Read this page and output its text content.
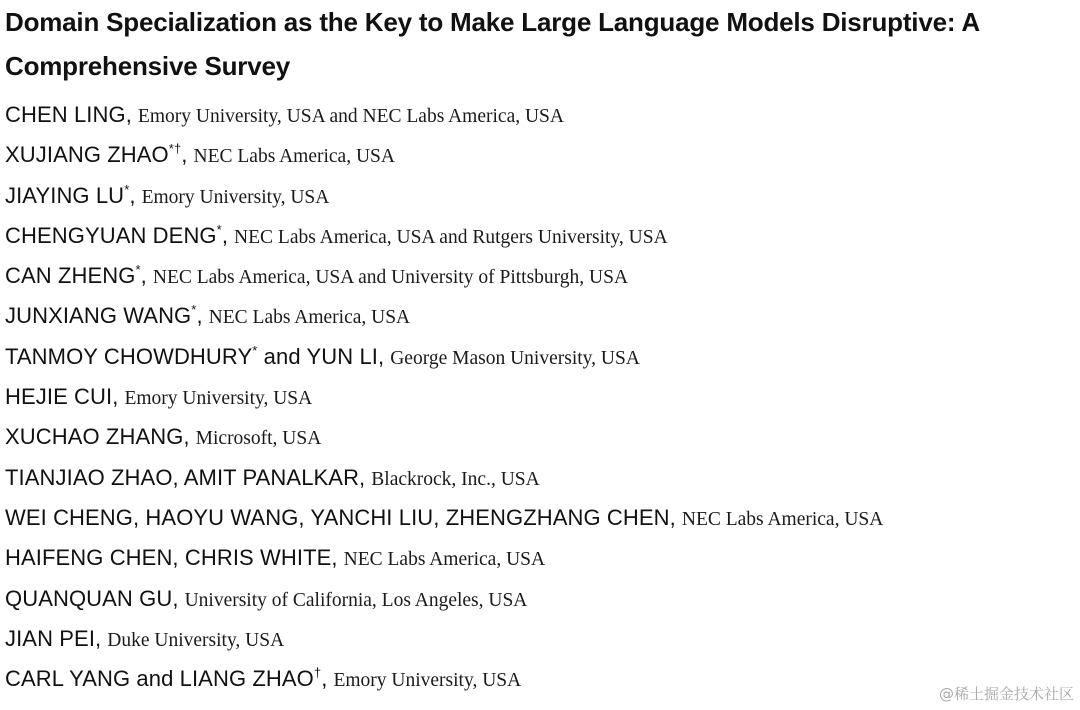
Domain Specialization as the Key to Make Large Language Models Disruptive: A
Comprehensive Survey
CHEN LING, Emory University, USA and NEC Labs America, USA
XUJIANG ZHAO*†, NEC Labs America, USA
JIAYING LU*, Emory University, USA
CHENGYUAN DENG*, NEC Labs America, USA and Rutgers University, USA
CAN ZHENG*, NEC Labs America, USA and University of Pittsburgh, USA
JUNXIANG WANG*, NEC Labs America, USA
TANMOY CHOWDHURY* and YUN LI, George Mason University, USA
HEJIE CUI, Emory University, USA
XUCHAO ZHANG, Microsoft, USA
TIANJIAO ZHAO, AMIT PANALKAR, Blackrock, Inc., USA
WEI CHENG, HAOYU WANG, YANCHI LIU, ZHENGZHANG CHEN, NEC Labs America, USA
HAIFENG CHEN, CHRIS WHITE, NEC Labs America, USA
QUANQUAN GU, University of California, Los Angeles, USA
JIAN PEI, Duke University, USA
CARL YANG and LIANG ZHAO†, Emory University, USA
@稀土掘金技术社区
